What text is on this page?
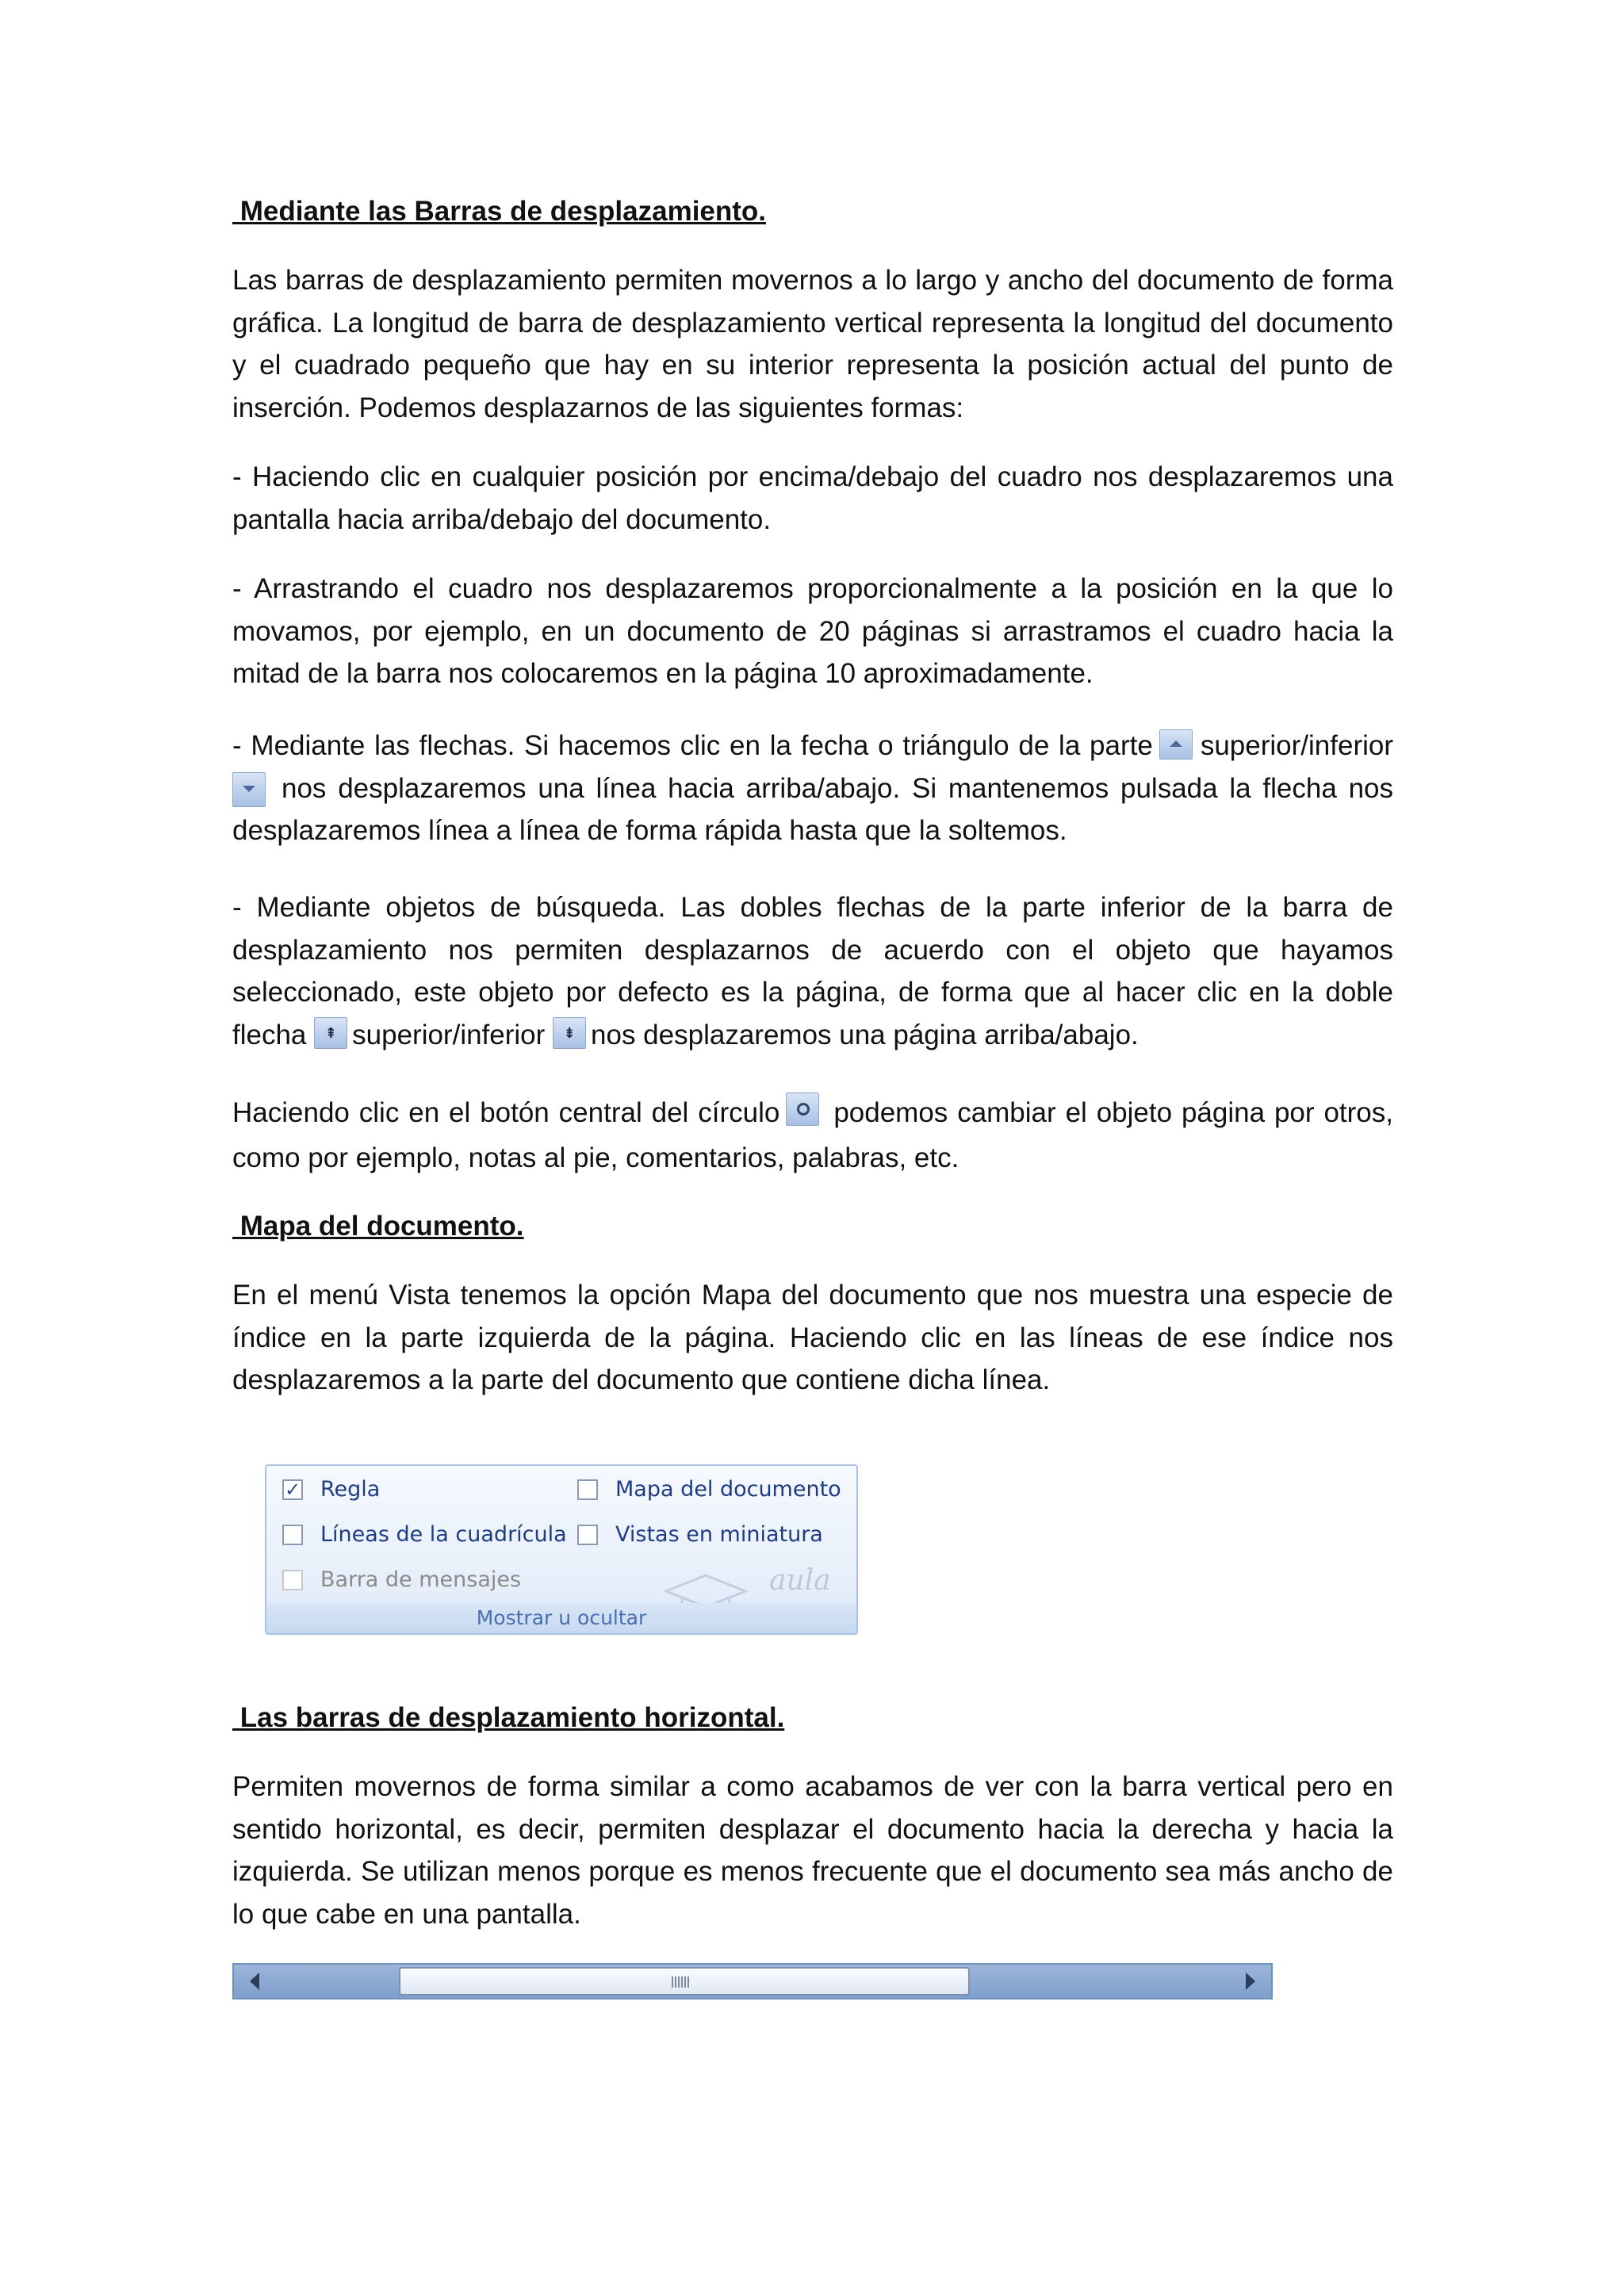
Mediante las Barras de desplazamiento.

Las barras de desplazamiento permiten movernos a lo largo y ancho del documento de forma gráfica. La longitud de barra de desplazamiento vertical representa la longitud del documento y el cuadrado pequeño que hay en su interior representa la posición actual del punto de inserción. Podemos desplazarnos de las siguientes formas:

- Haciendo clic en cualquier posición por encima/debajo del cuadro nos desplazaremos una pantalla hacia arriba/debajo del documento.

- Arrastrando el cuadro nos desplazaremos proporcionalmente a la posición en la que lo movamos, por ejemplo, en un documento de 20 páginas si arrastramos el cuadro hacia la mitad de la barra nos colocaremos en la página 10 aproximadamente.

- Mediante las flechas. Si hacemos clic en la fecha o triángulo de la parte superior/inferior nos desplazaremos una línea hacia arriba/abajo. Si mantenemos pulsada la flecha nos desplazaremos línea a línea de forma rápida hasta que la soltemos.

- Mediante objetos de búsqueda. Las dobles flechas de la parte inferior de la barra de desplazamiento nos permiten desplazarnos de acuerdo con el objeto que hayamos seleccionado, este objeto por defecto es la página, de forma que al hacer clic en la doble flecha ⇞ superior/inferior ⇟ nos desplazaremos una página arriba/abajo.

Haciendo clic en el botón central del círculo podemos cambiar el objeto página por otros, como por ejemplo, notas al pie, comentarios, palabras, etc.

Mapa del documento.

En el menú Vista tenemos la opción Mapa del documento que nos muestra una especie de índice en la parte izquierda de la página. Haciendo clic en las líneas de ese índice nos desplazaremos a la parte del documento que contiene dicha línea.

✓ Regla	Mapa del documento
Líneas de la cuadrícula Vistas en miniatura
Barra de mensajes	aula
Mostrar u ocultar

Las barras de desplazamiento horizontal.

Permiten movernos de forma similar a como acabamos de ver con la barra vertical pero en sentido horizontal, es decir, permiten desplazar el documento hacia la derecha y hacia la izquierda. Se utilizan menos porque es menos frecuente que el documento sea más ancho de lo que cabe en una pantalla.
